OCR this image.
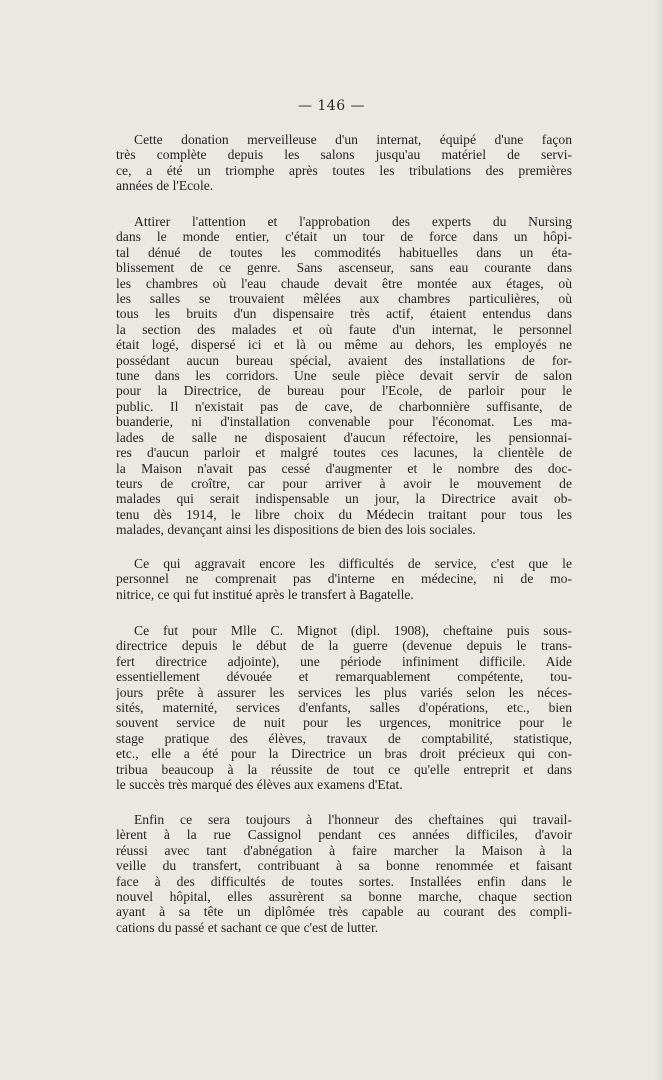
— 146 —
Cette donation merveilleuse d'un internat, équipé d'une façon
très complète depuis les salons jusqu'au matériel de servi-
ce, a été un triomphe après toutes les tribulations des premières
années de l'Ecole.
Attirer l'attention et l'approbation des experts du Nursing
dans le monde entier, c'était un tour de force dans un hôpi-
tal dénué de toutes les commodités habituelles dans un éta-
blissement de ce genre. Sans ascenseur, sans eau courante dans
les chambres où l'eau chaude devait être montée aux étages, où
les salles se trouvaient mêlées aux chambres particulières, où
tous les bruits d'un dispensaire très actif, étaient entendus dans
la section des malades et où faute d'un internat, le personnel
était logé, dispersé ici et là ou même au dehors, les employés ne
possédant aucun bureau spécial, avaient des installations de for-
tune dans les corridors. Une seule pièce devait servir de salon
pour la Directrice, de bureau pour l'Ecole, de parloir pour le
public. Il n'existait pas de cave, de charbonnière suffisante, de
buanderie, ni d'installation convenable pour l'économat. Les ma-
lades de salle ne disposaient d'aucun réfectoire, les pensionnai-
res d'aucun parloir et malgré toutes ces lacunes, la clientèle de
la Maison n'avait pas cessé d'augmenter et le nombre des doc-
teurs de croître, car pour arriver à avoir le mouvement de
malades qui serait indispensable un jour, la Directrice avait ob-
tenu dès 1914, le libre choix du Médecin traitant pour tous les
malades, devançant ainsi les dispositions de bien des lois sociales.
Ce qui aggravait encore les difficultés de service, c'est que le
personnel ne comprenait pas d'interne en médecine, ni de mo-
nitrice, ce qui fut institué après le transfert à Bagatelle.
Ce fut pour Mlle C. Mignot (dipl. 1908), cheftaine puis sous-
directrice depuis le début de la guerre (devenue depuis le trans-
fert directrice adjointe), une période infiniment difficile. Aide
essentiellement dévouée et remarquablement compétente, tou-
jours prête à assurer les services les plus variés selon les néces-
sités, maternité, services d'enfants, salles d'opérations, etc., bien
souvent service de nuit pour les urgences, monitrice pour le
stage pratique des élèves, travaux de comptabilité, statistique,
etc., elle a été pour la Directrice un bras droit précieux qui con-
tribua beaucoup à la réussite de tout ce qu'elle entreprit et dans
le succès très marqué des élèves aux examens d'Etat.
Enfin ce sera toujours à l'honneur des cheftaines qui travail-
lèrent à la rue Cassignol pendant ces années difficiles, d'avoir
réussi avec tant d'abnégation à faire marcher la Maison à la
veille du transfert, contribuant à sa bonne renommée et faisant
face à des difficultés de toutes sortes. Installées enfin dans le
nouvel hôpital, elles assurèrent sa bonne marche, chaque section
ayant à sa tête un diplômée très capable au courant des compli-
cations du passé et sachant ce que c'est de lutter.
